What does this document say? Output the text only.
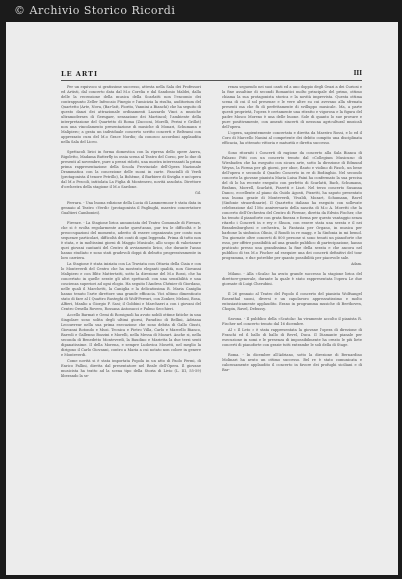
© Archivio Storico Ricordi
LE ARTI	III

Per un equivoco si gratissime successo, attesta nella Sala dei Professori ed Artisti, dal concerto data dal M.o Corelia e dal Sandonio Maldei, dalla delle la recensione della musica della Scarlatti non l'encomio dei contrappunto Zeller Infrocaio Finegio e l'amicizia la risulta, auditorium del Quartetto (Arte, Nova, (Bar-latt, Fiorito, Vannini a Bianchi) che ha seguito di questo danzi dei attrazionale ordinamenti Lazzardo Vinci a musiche ultramodernes di Gerngaer, sensazione dei Martincol; l'ambiente della interpretazione del Quartetto di Roma (Zucconi, Morelli, Perini e Grillot) non una vincolamento presentazione di musiche di Monari, Schumann e Malipiero; a grata un individuale concerto scritto concerti e Beltrami con apprezzato cura del M.o Grace Nordio; da conosco accordoni applaudita nella Sala del Liceo.

Spettacoli lirici in forma domestica con la ripresa dello opere Aurra, Rigoletto, Madama Butterfly in ossia scena al Teatro del Corso, per lo due di presenti al novembre, pure a prezzi ridotti, una mostra interessanti la prima prima rappresentazione della Scuola Provinciale dell'Opera Nazionale Drammatica con la concezione delle suoni in carte. Fanciulli di Verdi (protagonista il tenore Petrillo), la Bohème, il Barbiere di Siviglia e un'opera dal M.o Pescoli, intitolata La Figlia di Montenero, novità assoluta. Direttore d'orchestra della stagione il M.o Sardone.

Gil.

Ferrara. - Una buona edizione della Lucia di Lammermoor è stata data in gennaio al Teatro «Verdi» (protagonista il Pagliughi, maestro concertatore Gualtieri Camboniei).

Firenze. - La Stagione lirica annunciata del Teatro Comunale di Firenze, che si è svolta regolarmente anche quest'anno, pur tra le difficoltà e le preoccupazioni del momento, aderito di essere organizzata per conto non sequenze particolari, difficoltà dei conti di ogni leggenda. Prima di tutto non è stata, e in moltissimi giorni di Maggio Musicale, allo scopo di valorizzare quei giovani cantanti del Centro di avviamento lirico, che durante l'anno hanno studiato e sono stati gradevoli doppi di debutto progressivamente in loro carriera.

La Stagione è stata iniziata con La Traviata con Ottavia della Ciaia e con lo Monteverdi del Centro che ha mostrato eleganti qualità, non Giovanni Malipiero e con Blitz Mattertatti, sotto la direzione del M.o Rossi, che ha concertato in quelle serate gli altri spettacoli con una sensibilità e una coscienza superiori ad ogni elogio. Ha seguito l'Andrea Chénier di Giordano, nelle quali il Marchetti, la Caniglia e la delicatissima B. Maria Caniglia hanno tenuto l'arte direttore una grande efficacia. Vici ultimo dimenticato stato di fare al I Quattro Rusteghi di Wolf-Ferrari, con Zonker, Meloni, Bosa, Alfieri, Manlio a Giorgio F. Sasi; il Gobbini e Marchaeri a con i giovani del Centro Ornella Rovero, Rossana Antonucci e Palmo Secchieri.

Accello Barmat e Gemi di Rossignoli ha avuto nobili ottime fatiche in una Singolare sono solita degli ultimi giorni, Paradiso di Bellini, Adriana Lecouvreur nella sua prima esecuzione che sono debita di Gallo Giusti, Giovanni Rotondo e Musi. Tecnica e Pietro Villa, Carlo e Marcello Bianco, Barroli e Gallenno Bozzini e Morelli, nella Messa di Mozart. Anche si, nella seconda di Benedetto Monteverdi, la Baudino e Marietta la due terzi senti dipanatissime. Il della Morena, e sempre Ludovica Mosetti, nel meglio la dirigono il Carlo Giovanni, contro a Maria a cui notato non colore in genere e Monteverdi.

Come novità si è stata importata Popola in un atto di Paolo Fermi, di Enrico Pallini, diretta dal presentatore nel Reale dell'Opera. Il giovane musicista ha tratto ad la scena tipo della Storia di Livio (L. III, 55-59) liberando la se-

renza seguendo nei suoi canti ed a uno doppio degli Orazi a dei Curiosi e la fine assaltine di secondi Romantici molto principale del primo, ottimo chiama la sua protagonista storica e la novità imprevista. Questa ottima scena di cui il sol presenze e le vere altre su cui avevano alla sfrenata presenti ma che fù di perfettamente di svilluppo musicale. Ma, a parte questi proprietà, l'opera è certamente una ritratto e vigorosa e la figura del padre Mosco Moreno è una delle buone. Sole di quanto lo sue provare e pure positivamente, con ameati sincerti di nessuna agricultural musicali dell'opera.

L'opera, sapientemente concertata e diretta da Maestro Rossi, e lo ed il Coro di Marcello Nanini al competente dei debito compito una disciplinata efficacia, ha ottenuto vittoria e maturità e diretta successo.

Sono ritorniti i Concerti di ragione da concerto alla Sala Bianca di Palazzo Pitti con un concerto tenuto dal «Collegium Musicum» di Wiesbaden che ha eseguito con sicura arte, sotto la direzione di Edmund Weyns, la Forma per gli giorni, per oboe, flauto e violino di Fasch, un bene dell'opera e secondo il Quadro Concerto in re di Bodinghio. Nel secondo concerto la giovane pianista Maria Luisa Faini ha confermato la sua precisa del di lo ha recente eseguito con perfetto di Scarlatti, Bach, Schumann, Brahms, Morrell, Scarlatti, Pizzetti e Liszt. Nel terzo concerto Susanna Danco, eccellente al piano da Guido Agosti, Pizzetti, ha saputo presentato una buona grazie di Monteverdi, Vivaldi, Mozart, Schumann, Ravel (Sinfonie straordinarie). Il Quartetto italiano ha eseguito con sollevate celebrazione dal 150o anniversario della nascita di M.o A. Moretti che la concerto dell'Orchestra del Centro di Firenze, diretta da Edwin Fischer, che ha tenuto il pianoforte con grata finezza e forma per questo vantaggio senza ritardo i Concerti in e rey e Shuon, con essere stata una serata e il nei Brandenburghesi e orchestra, la Fantasia per Organo, in musica per barbone la sinfonica Olinio, il Rondò in re magg. e la Sinfonia in mi bemol. Tra giornate oltre concerti di 800 persone si sono tenuti un pianoforte che esso, per offrire possibilità ad una grande pubblico di partecipazione, hanno praticato presso una grandissima la fine della serata e che ancora nel pubblico di tra M.o Fischer ad esequire una dei concerti definitivi del tour programma, e due potrebbe per quanto possibilità per piacevole sale.

Adam.

Milano. - Alla «Scala» ha avuto grande successo la stagione lirica del direttore-generale, durante la quale è stato rappresentata l'opera Le due giornate di Luigi Cherubini.

Il 26 gennaio al Teatro del Popolo il concerto del pianista Wolfsangel Rosenthal suoni, diversi e un capolavoro apprezzatissimo e molto entusiasticamente applaudito. Erano in programma musiche di Beethoven, Chopin, Ravel, Debussy.

Savona. - Il pubblico della «Scatola» ha vivamente accolto il pianista R. Fischer nel concerto tenuto dal 16 dicembre.

Al « Il Leto » è stata rappresentata la giovane l'opera di direzione di Franchi ed il ballo di ballo di Revel, Duca. Il Diamante pianale per esecuzione in somi e le presenza di impossibilmente ha creato le più liete concerti di pianoforte con grazie tutti entrambe le soli della di Stage.

Roma. - In dicembre all'Adriano, sotto la direzione di Bernardino Molinari ha avuto un ottimo successo. Bel re è stato comunicata e calorosamente applaudito il concerto in favore dei profughi siciliani e di Bar-
